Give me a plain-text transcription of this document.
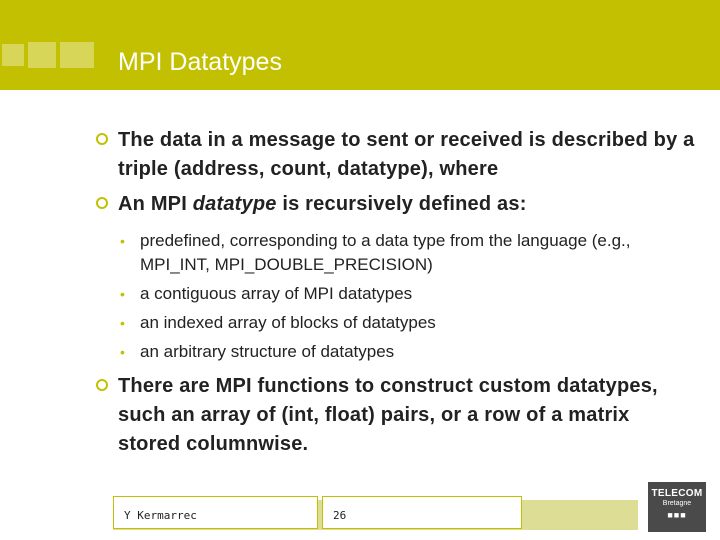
MPI Datatypes
The data in a message to sent or received is described by a triple (address, count, datatype), where
An MPI datatype is recursively defined as:
• predefined, corresponding to a data type from the language (e.g., MPI_INT, MPI_DOUBLE_PRECISION)
• a contiguous array of MPI datatypes
• an indexed array of blocks of datatypes
• an arbitrary structure of datatypes
There are MPI functions to construct custom datatypes, such an array of (int, float) pairs, or a row of a matrix stored columnwise.
Y Kermarrec	26
TELECOM
Bretagne
■■■
